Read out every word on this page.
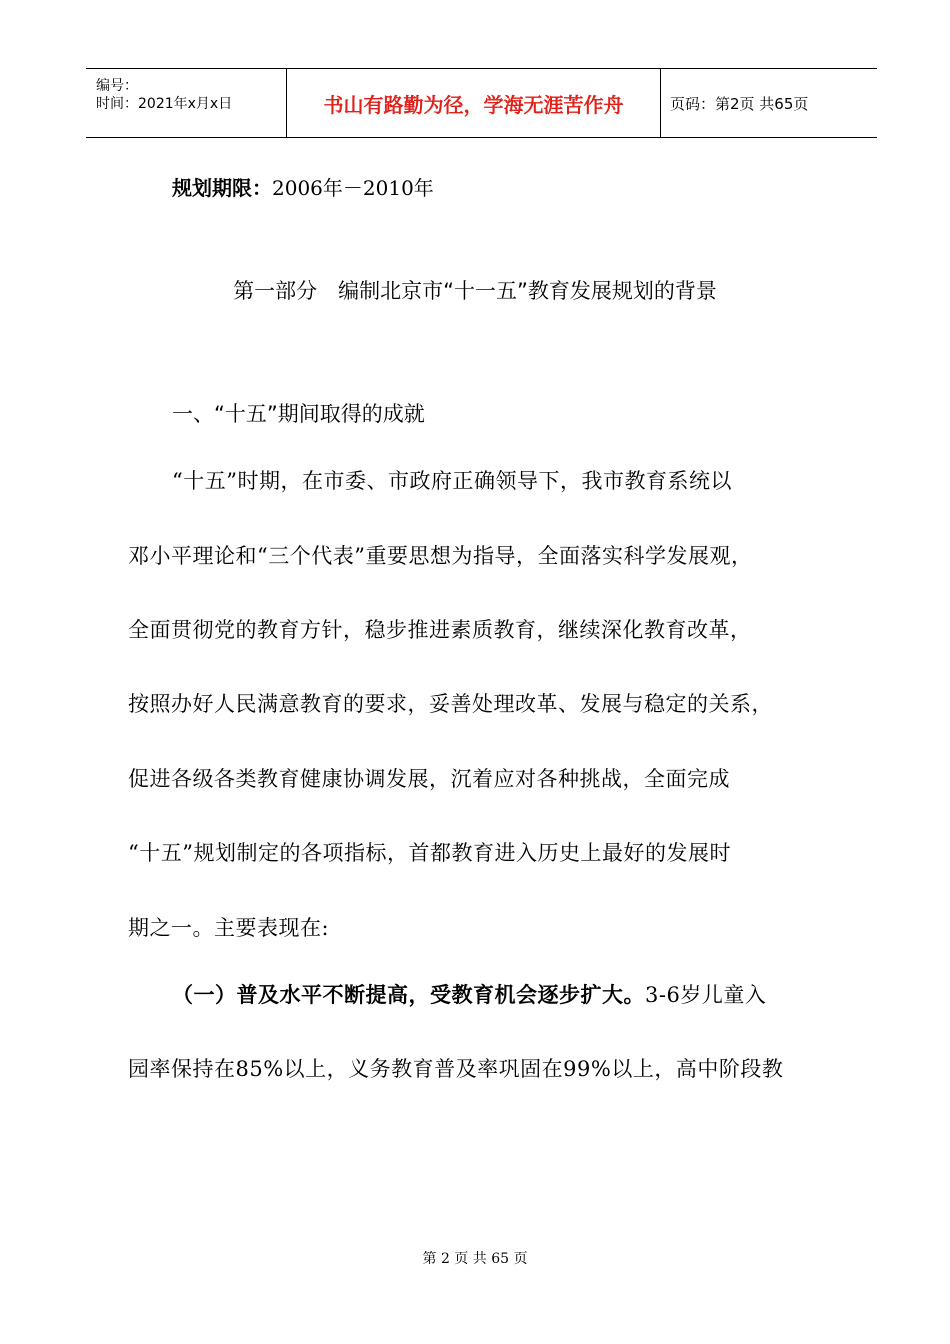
编号：
时间：2021年x月x日	书山有路勤为径，学海无涯苦作舟	页码：第2页 共65页
规划期限：2006年－2010年
第一部分　编制北京市“十一五”教育发展规划的背景
一、“十五”期间取得的成就
“十五”时期，在市委、市政府正确领导下，我市教育系统以
邓小平理论和“三个代表”重要思想为指导，全面落实科学发展观，
全面贯彻党的教育方针，稳步推进素质教育，继续深化教育改革，
按照办好人民满意教育的要求，妥善处理改革、发展与稳定的关系，
促进各级各类教育健康协调发展，沉着应对各种挑战，全面完成
“十五”规划制定的各项指标，首都教育进入历史上最好的发展时
期之一。主要表现在:
（一）普及水平不断提高，受教育机会逐步扩大。3-6岁儿童入
园率保持在85%以上，义务教育普及率巩固在99%以上，高中阶段教
第 2 页 共 65 页
